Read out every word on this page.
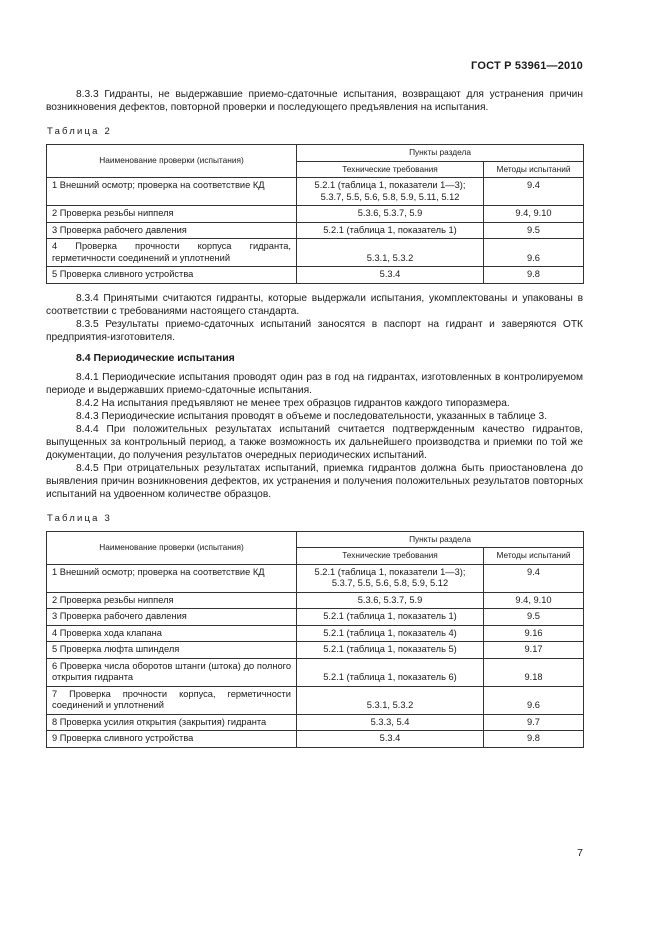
ГОСТ Р 53961—2010

8.3.3 Гидранты, не выдержавшие приемо-сдаточные испытания, возвращают для устранения причин возникновения дефектов, повторной проверки и последующего предъявления на испытания.

Таблица 2
Наименование проверки (испытания)	Пункты раздела	
	Технические требования	Методы испытаний
1 Внешний осмотр; проверка на соответствие КД	5.2.1 (таблица 1, показатели 1—3); 5.3.7, 5.5, 5.6, 5.8, 5.9, 5.11, 5.12	9.4
2 Проверка резьбы ниппеля	5.3.6, 5.3.7, 5.9	9.4, 9.10
3 Проверка рабочего давления	5.2.1 (таблица 1, показатель 1)	9.5
4 Проверка прочности корпуса гидранта, герметичности соединений и уплотнений	5.3.1, 5.3.2	9.6
5 Проверка сливного устройства	5.3.4	9.8

8.3.4 Принятыми считаются гидранты, которые выдержали испытания, укомплектованы и упакованы в соответствии с требованиями настоящего стандарта.

8.3.5 Результаты приемо-сдаточных испытаний заносятся в паспорт на гидрант и заверяются ОТК предприятия-изготовителя.

8.4 Периодические испытания

8.4.1 Периодические испытания проводят один раз в год на гидрантах, изготовленных в контролируемом периоде и выдержавших приемо-сдаточные испытания.

8.4.2 На испытания предъявляют не менее трех образцов гидрантов каждого типоразмера.

8.4.3 Периодические испытания проводят в объеме и последовательности, указанных в таблице 3.

8.4.4 При положительных результатах испытаний считается подтвержденным качество гидрантов, выпущенных за контрольный период, а также возможность их дальнейшего производства и приемки по той же документации, до получения результатов очередных периодических испытаний.

8.4.5 При отрицательных результатах испытаний, приемка гидрантов должна быть приостановлена до выявления причин возникновения дефектов, их устранения и получения положительных результатов повторных испытаний на удвоенном количестве образцов.

Таблица 3
Наименование проверки (испытания)	Пункты раздела	
	Технические требования	Методы испытаний
1 Внешний осмотр; проверка на соответствие КД	5.2.1 (таблица 1, показатели 1—3); 5.3.7, 5.5, 5.6, 5.8, 5.9, 5.12	9.4
2 Проверка резьбы ниппеля	5.3.6, 5.3.7, 5.9	9.4, 9.10
3 Проверка рабочего давления	5.2.1 (таблица 1, показатель 1)	9.5
4 Проверка хода клапана	5.2.1 (таблица 1, показатель 4)	9.16
5 Проверка люфта шпинделя	5.2.1 (таблица 1, показатель 5)	9.17
6 Проверка числа оборотов штанги (штока) до полного открытия гидранта	5.2.1 (таблица 1, показатель 6)	9.18
7 Проверка прочности корпуса, герметичности соединений и уплотнений	5.3.1, 5.3.2	9.6
8 Проверка усилия открытия (закрытия) гидранта	5.3.3, 5.4	9.7
9 Проверка сливного устройства	5.3.4	9.8
7
